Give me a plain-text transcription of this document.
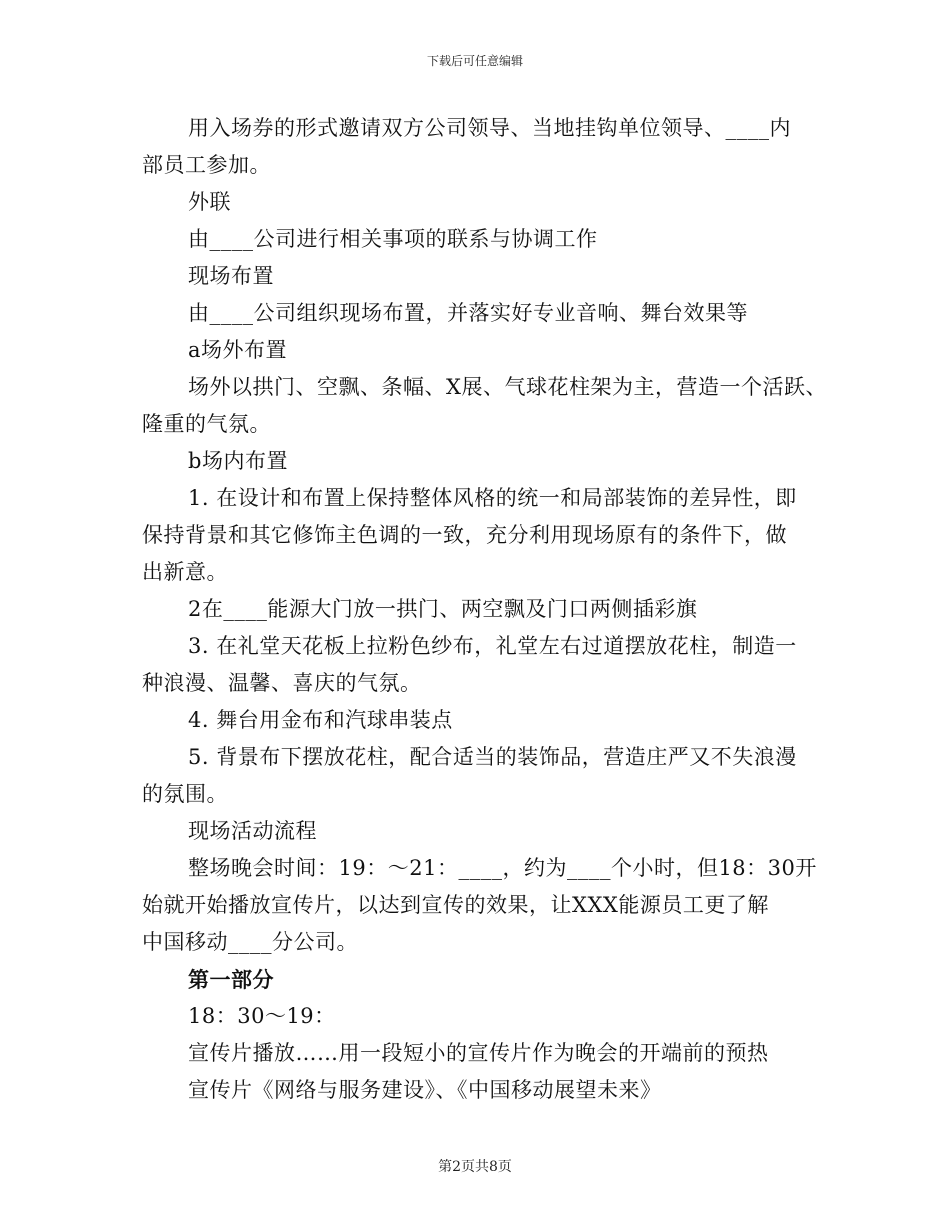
下载后可任意编辑
用入场券的形式邀请双方公司领导、当地挂钩单位领导、____内
部员工参加。
外联
由____公司进行相关事项的联系与协调工作
现场布置
由____公司组织现场布置，并落实好专业音响、舞台效果等
a场外布置
场外以拱门、空飘、条幅、X展、气球花柱架为主，营造一个活跃、
隆重的气氛。
b场内布置
1. 在设计和布置上保持整体风格的统一和局部装饰的差异性，即
保持背景和其它修饰主色调的一致，充分利用现场原有的条件下，做
出新意。
2在____能源大门放一拱门、两空飘及门口两侧插彩旗
3. 在礼堂天花板上拉粉色纱布，礼堂左右过道摆放花柱，制造一
种浪漫、温馨、喜庆的气氛。
4. 舞台用金布和汽球串装点
5. 背景布下摆放花柱，配合适当的装饰品，营造庄严又不失浪漫
的氛围。
现场活动流程
整场晚会时间：19：～21：____，约为____个小时，但18：30开
始就开始播放宣传片，以达到宣传的效果，让XXX能源员工更了解
中国移动____分公司。
第一部分
18：30～19：
宣传片播放……用一段短小的宣传片作为晚会的开端前的预热
宣传片《网络与服务建设》、《中国移动展望未来》
第2页共8页
